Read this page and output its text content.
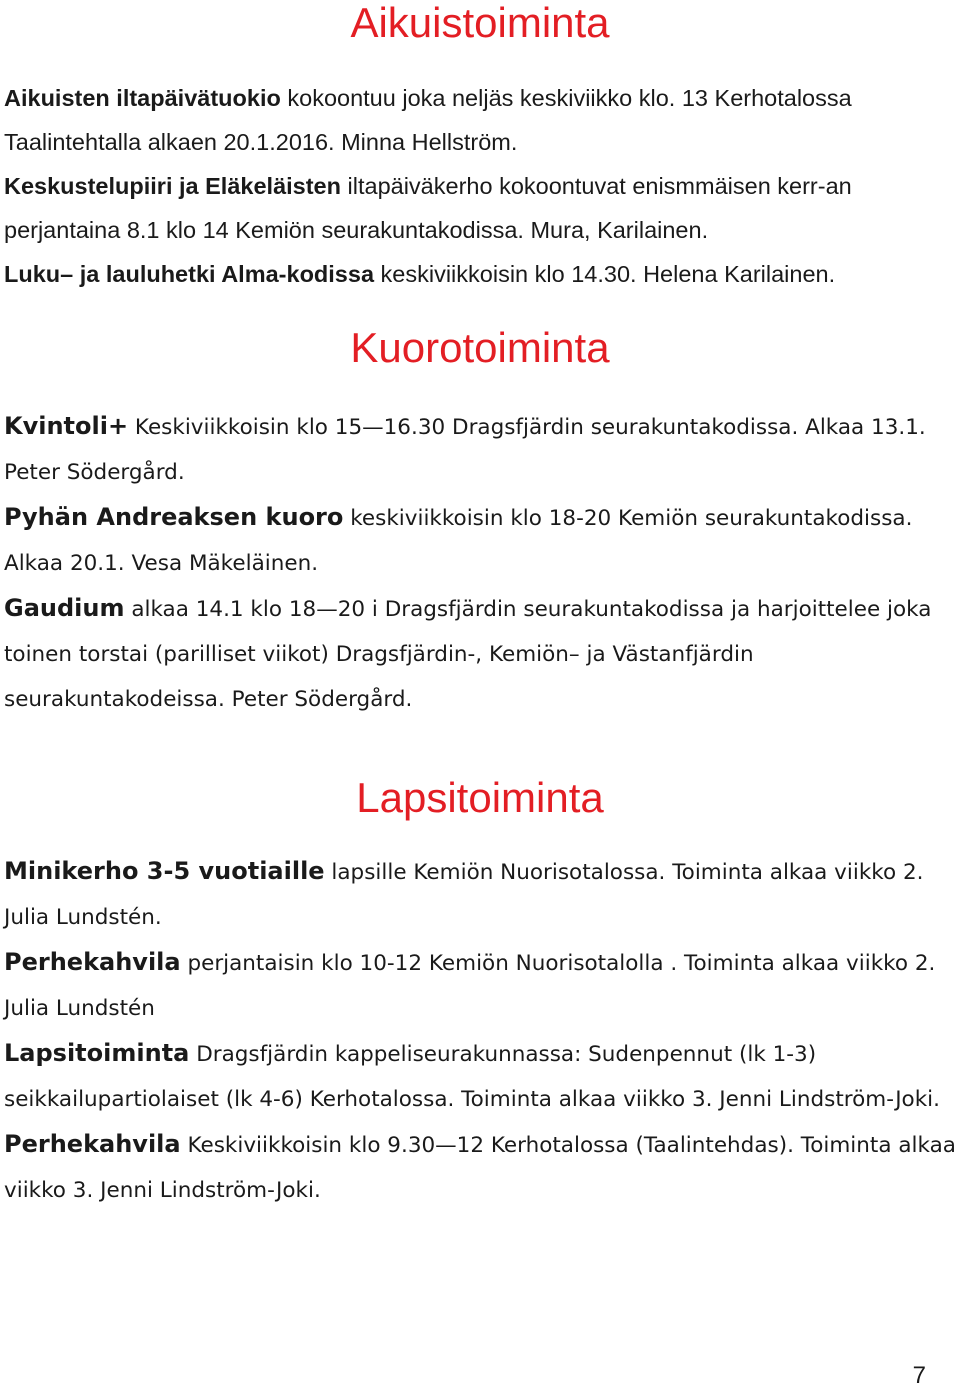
Aikuistoiminta
Aikuisten iltapäivätuokio kokoontuu joka neljäs keskiviikko klo. 13 Kerhotalossa Taalintehtalla alkaen 20.1.2016. Minna Hellström.
Keskustelupiiri ja Eläkeläisten iltapäiväkerho kokoontuvat enismmäisen kerr-an perjantaina 8.1 klo 14 Kemiön seurakuntakodissa. Mura, Karilainen.
Luku– ja lauluhetki Alma-kodissa keskiviikkoisin klo 14.30. Helena Karilainen.
Kuorotoiminta
Kvintoli+ Keskiviikkoisin klo 15—16.30 Dragsfjärdin seurakuntakodissa. Alkaa 13.1. Peter Södergård.
Pyhän Andreaksen kuoro keskiviikkoisin klo 18-20 Kemiön seurakuntakodissa. Alkaa 20.1. Vesa Mäkeläinen.
Gaudium alkaa 14.1 klo 18—20 i Dragsfjärdin seurakuntakodissa ja harjoittelee joka toinen torstai (parilliset viikot) Dragsfjärdin-, Kemiön– ja Västanfjärdin seurakuntakodeissa. Peter Södergård.
Lapsitoiminta
Minikerho 3-5 vuotiaille lapsille Kemiön Nuorisotalossa. Toiminta alkaa viikko 2. Julia Lundstén.
Perhekahvila perjantaisin klo 10-12 Kemiön Nuorisotalolla . Toiminta alkaa viikko 2. Julia Lundstén
Lapsitoiminta Dragsfjärdin kappeliseurakunnassa: Sudenpennut (lk 1-3) seikkailupartiolaiset (lk 4-6) Kerhotalossa. Toiminta alkaa viikko 3. Jenni Lindström-Joki.
Perhekahvila Keskiviikkoisin klo 9.30—12 Kerhotalossa (Taalintehdas). Toiminta alkaa viikko 3. Jenni Lindström-Joki.

7
